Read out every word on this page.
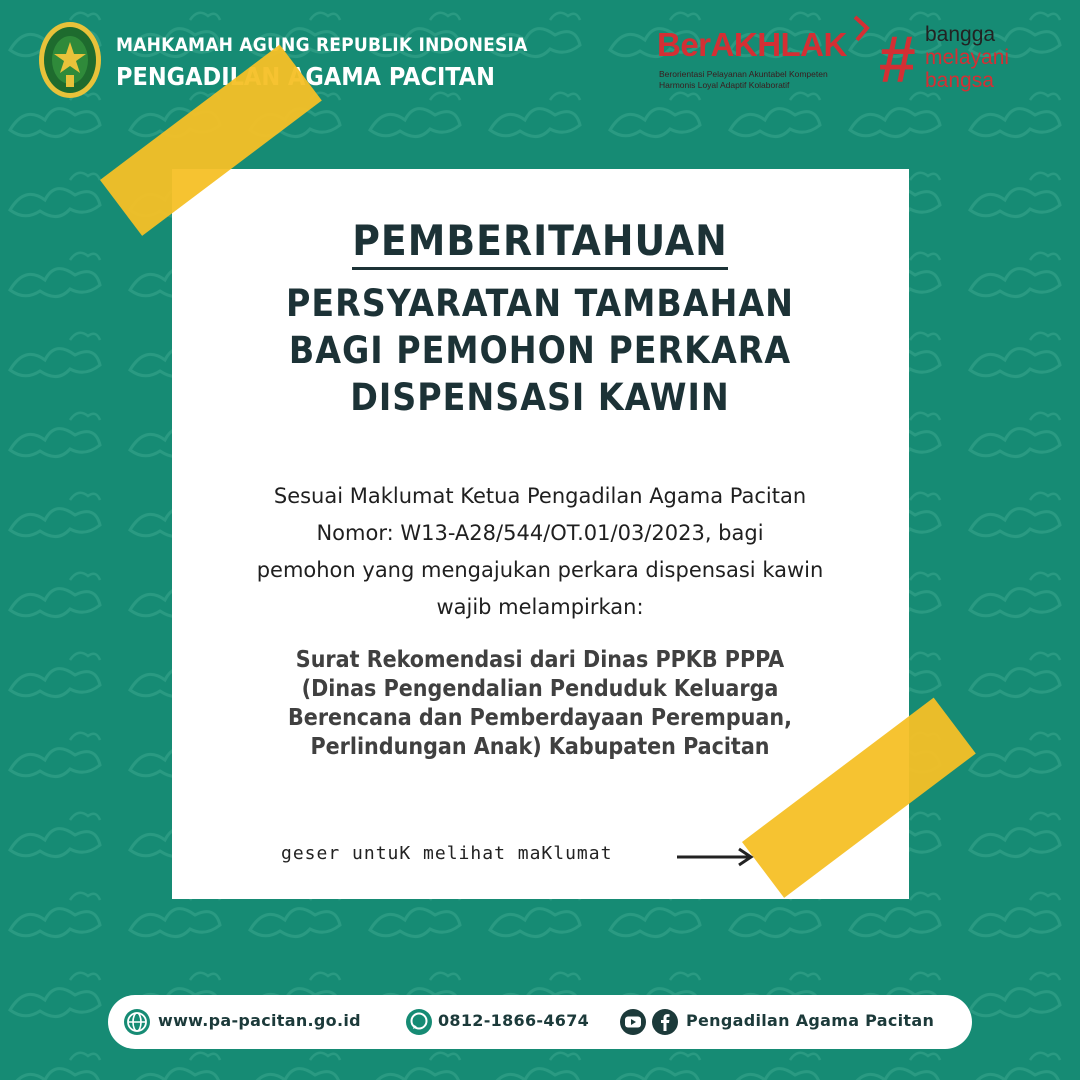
MAHKAMAH AGUNG REPUBLIK INDONESIA
PENGADILAN AGAMA PACITAN
BerAKHLAK
Berorientasi Pelayanan Akuntabel Kompeten
Harmonis Loyal Adaptif Kolaboratif # bangga
melayani
bangsa
PEMBERITAHUAN
PERSYARATAN TAMBAHAN
BAGI PEMOHON PERKARA
DISPENSASI KAWIN
Sesuai Maklumat Ketua Pengadilan Agama Pacitan
Nomor: W13-A28/544/OT.01/03/2023, bagi
pemohon yang mengajukan perkara dispensasi kawin
wajib melampirkan:
Surat Rekomendasi dari Dinas PPKB PPPA
(Dinas Pengendalian Penduduk Keluarga
Berencana dan Pemberdayaan Perempuan,
Perlindungan Anak) Kabupaten Pacitan
geser untuK melihat maKlumat
www.pa-pacitan.go.id	0812-1866-4674	Pengadilan Agama Pacitan
